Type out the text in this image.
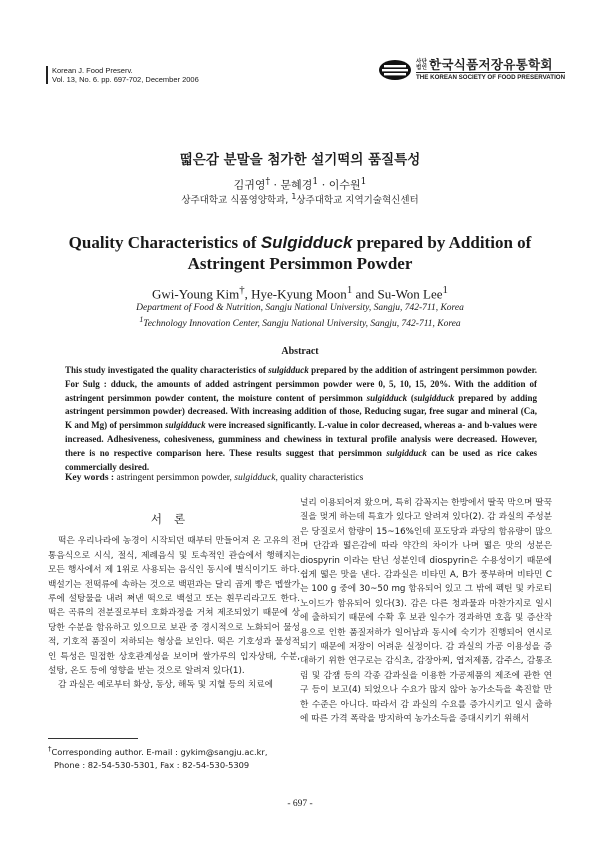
Korean J. Food Preserv.
Vol. 13, No. 6. pp. 697-702, December 2006
사단법인 한국식품저장유통학회
THE KOREAN SOCIETY OF FOOD PRESERVATION
떫은감 분말을 첨가한 설기떡의 품질특성
김귀영† · 문혜경$^1$ · 이수원$^1$
상주대학교 식품영양학과, $^1$상주대학교 지역기술혁신센터
Quality Characteristics of Sulgidduck prepared by Addition of
Astringent Persimmon Powder
Gwi-Young Kim†, Hye-Kyung Moon$^1$ and Su-Won Lee$^1$
Department of Food & Nutrition, Sangju National University, Sangju, 742-711, Korea
$^1$Technology Innovation Center, Sangju National University, Sangju, 742-711, Korea
Abstract
This study investigated the quality characteristics of sulgidduck prepared by the addition of astringent persimmon powder. For Sulg : dduck, the amounts of added astringent persimmon powder were 0, 5, 10, 15, 20%. With the addition of astringent persimmon powder content, the moisture content of persimmon sulgidduck (sulgidduck prepared by adding astringent persimmon powder) decreased. With increasing addition of those, Reducing sugar, free sugar and mineral (Ca, K and Mg) of persimmon sulgidduck were increased significantly. L-value in color decreased, whereas a- and b-values were increased. Adhesiveness, cohesiveness, gumminess and chewiness in textural profile analysis were decreased. However, there is no respective comparison here. These results suggest that persimmon sulgidduck can be used as rice cakes commercially desired.
Key words : astringent persimmon powder, sulgidduck, quality characteristics
서론

떡은 우리나라에 농경이 시작되던 때부터 만들어져 온 고유의 전통음식으로 시식, 절식, 제례음식 및 토속적인 관습에서 행해지는 모든 행사에서 제 1위로 사용되는 음식인 동시에 별식이기도 하다. 백설기는 전떡류에 속하는 것으로 백편과는 달리 곱게 빻은 멥쌀가루에 설탕물을 내려 쪄낸 떡으로 백설고 또는 흰무리라고도 한다. 떡은 곡류의 전분질로부터 호화과정을 거쳐 제조되었기 때문에 상당한 수분을 함유하고 있으므로 보관 중 경시적으로 노화되어 물성적, 기호적 품질이 저하되는 형상을 보인다. 떡은 기호성과 물성적인 특성은 밀접한 상호관계성을 보이며 쌀가루의 입자상태, 수분, 설탕, 온도 등에 영향을 받는 것으로 알려져 있다(1).

감 과실은 예로부터 화상, 동상, 해독 및 지혈 등의 치료에

널리 이용되어져 왔으며, 특히 감꼭지는 한방에서 딸꾹 막으며 딸꾹질을 멎게 하는데 특효가 있다고 알려져 있다(2). 감 과실의 주성분은 당질로서 함량이 15~16%인데 포도당과 과당의 함유량이 많으며 단감과 떫은감에 따라 약간의 차이가 나며 떫은 맛의 성분은 diospyrin 이라는 탄닌 성분인데 diospyrin은 수용성이기 때문에 쉽게 떫은 맛을 낸다. 감과실은 비타민 A, B가 풍부하며 비타민 C는 100 g 중에 30~50 mg 함유되어 있고 그 밖에 펙틴 및 카로티노이드가 함유되어 있다(3). 감은 다른 청과물과 마찬가지로 일시에 출하되기 때문에 수확 후 보관 일수가 경과하면 호흡 및 증산작용으로 인한 품질저하가 일어남과 동시에 숙기가 진행되어 연시로 되기 때문에 저장이 어려운 실정이다. 감 과실의 가공 이용성을 증대하기 위한 연구로는 감식초, 감장아찌, 엽저제품, 감주스, 감통조림 및 감잼 등의 각종 감과실을 이용한 가공제품의 제조에 관한 연구 등이 보고(4) 되었으나 수요가 많지 않아 농가소득을 촉진할 만한 수준은 아니다. 따라서 감 과실의 수요를 증가시키고 일시 출하에 따른 가격 폭락을 방지하여 농가소득을 증대시키기 위해서

†Corresponding author. E-mail : gykim@sangju.ac.kr,
Phone : 82-54-530-5301, Fax : 82-54-530-5309
- 697 -
